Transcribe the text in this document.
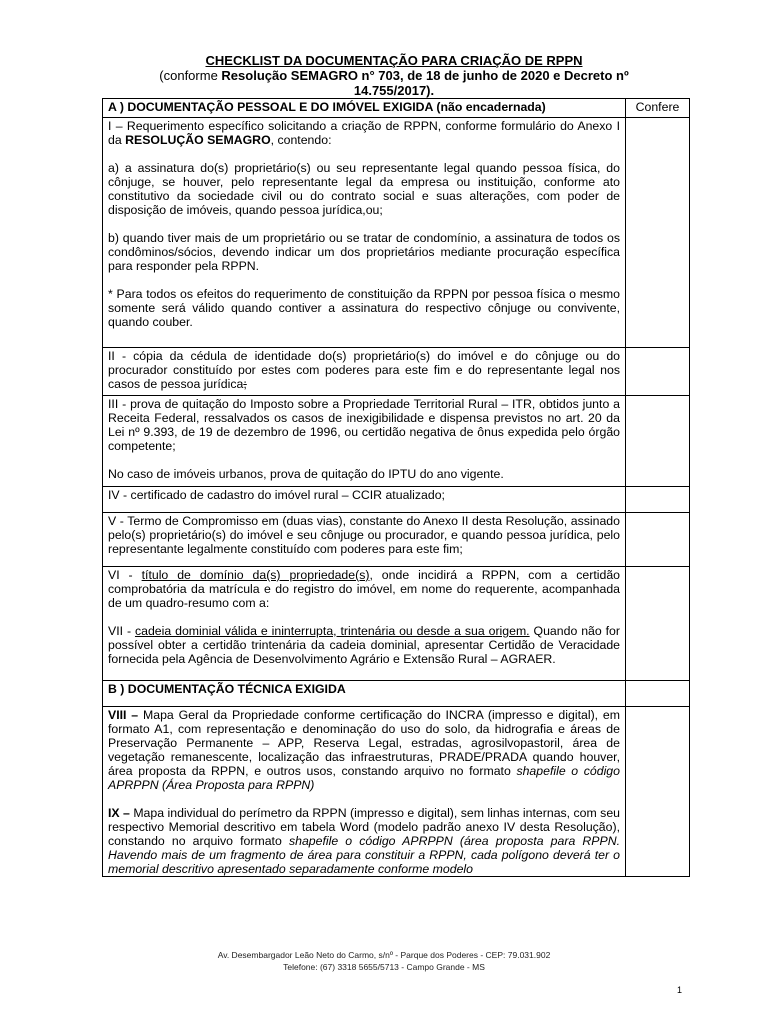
CHECKLIST DA DOCUMENTAÇÃO PARA CRIAÇÃO DE RPPN
(conforme Resolução SEMAGRO n° 703, de 18 de junho de 2020 e Decreto nº
14.755/2017).
A ) DOCUMENTAÇÃO PESSOAL E DO IMÓVEL EXIGIDA (não encadernada)	Confere

I – Requerimento específico solicitando a criação de RPPN, conforme formulário do Anexo I da RESOLUÇÃO SEMAGRO, contendo:

a) a assinatura do(s) proprietário(s) ou seu representante legal quando pessoa física, do cônjuge, se houver, pelo representante legal da empresa ou instituição, conforme ato constitutivo da sociedade civil ou do contrato social e suas alterações, com poder de disposição de imóveis, quando pessoa jurídica,ou;

b) quando tiver mais de um proprietário ou se tratar de condomínio, a assinatura de todos os condôminos/sócios, devendo indicar um dos proprietários mediante procuração específica para responder pela RPPN.

* Para todos os efeitos do requerimento de constituição da RPPN por pessoa física o mesmo somente será válido quando contiver a assinatura do respectivo cônjuge ou convivente, quando couber.	

II - cópia da cédula de identidade do(s) proprietário(s) do imóvel e do cônjuge ou do procurador constituído por estes com poderes para este fim e do representante legal nos casos de pessoa jurídica;	

III - prova de quitação do Imposto sobre a Propriedade Territorial Rural – ITR, obtidos junto a Receita Federal, ressalvados os casos de inexigibilidade e dispensa previstos no art. 20 da Lei nº 9.393, de 19 de dezembro de 1996, ou certidão negativa de ônus expedida pelo órgão competente;

No caso de imóveis urbanos, prova de quitação do IPTU do ano vigente.	

IV - certificado de cadastro do imóvel rural – CCIR atualizado;	

V - Termo de Compromisso em (duas vias), constante do Anexo II desta Resolução, assinado pelo(s) proprietário(s) do imóvel e seu cônjuge ou procurador, e quando pessoa jurídica, pelo representante legalmente constituído com poderes para este fim;	

VI - título de domínio da(s) propriedade(s), onde incidirá a RPPN, com a certidão comprobatória da matrícula e do registro do imóvel, em nome do requerente, acompanhada de um quadro-resumo com a:

VII - cadeia dominial válida e ininterrupta, trintenária ou desde a sua origem. Quando não for possível obter a certidão trintenária da cadeia dominial, apresentar Certidão de Veracidade fornecida pela Agência de Desenvolvimento Agrário e Extensão Rural – AGRAER.	

B ) DOCUMENTAÇÃO TÉCNICA EXIGIDA	

VIII – Mapa Geral da Propriedade conforme certificação do INCRA (impresso e digital), em formato A1, com representação e denominação do uso do solo, da hidrografia e áreas de Preservação Permanente – APP, Reserva Legal, estradas, agrosilvopastoril, área de vegetação remanescente, localização das infraestruturas, PRADE/PRADA quando houver, área proposta da RPPN, e outros usos, constando arquivo no formato shapefile o código APRPPN (Área Proposta para RPPN)

IX – Mapa individual do perímetro da RPPN (impresso e digital), sem linhas internas, com seu respectivo Memorial descritivo em tabela Word (modelo padrão anexo IV desta Resolução), constando no arquivo formato shapefile o código APRPPN (área proposta para RPPN. Havendo mais de um fragmento de área para constituir a RPPN, cada polígono deverá ter o memorial descritivo apresentado separadamente conforme modelo	

Av. Desembargador Leão Neto do Carmo, s/nº - Parque dos Poderes - CEP: 79.031.902
Telefone: (67) 3318 5655/5713 - Campo Grande - MS
1
